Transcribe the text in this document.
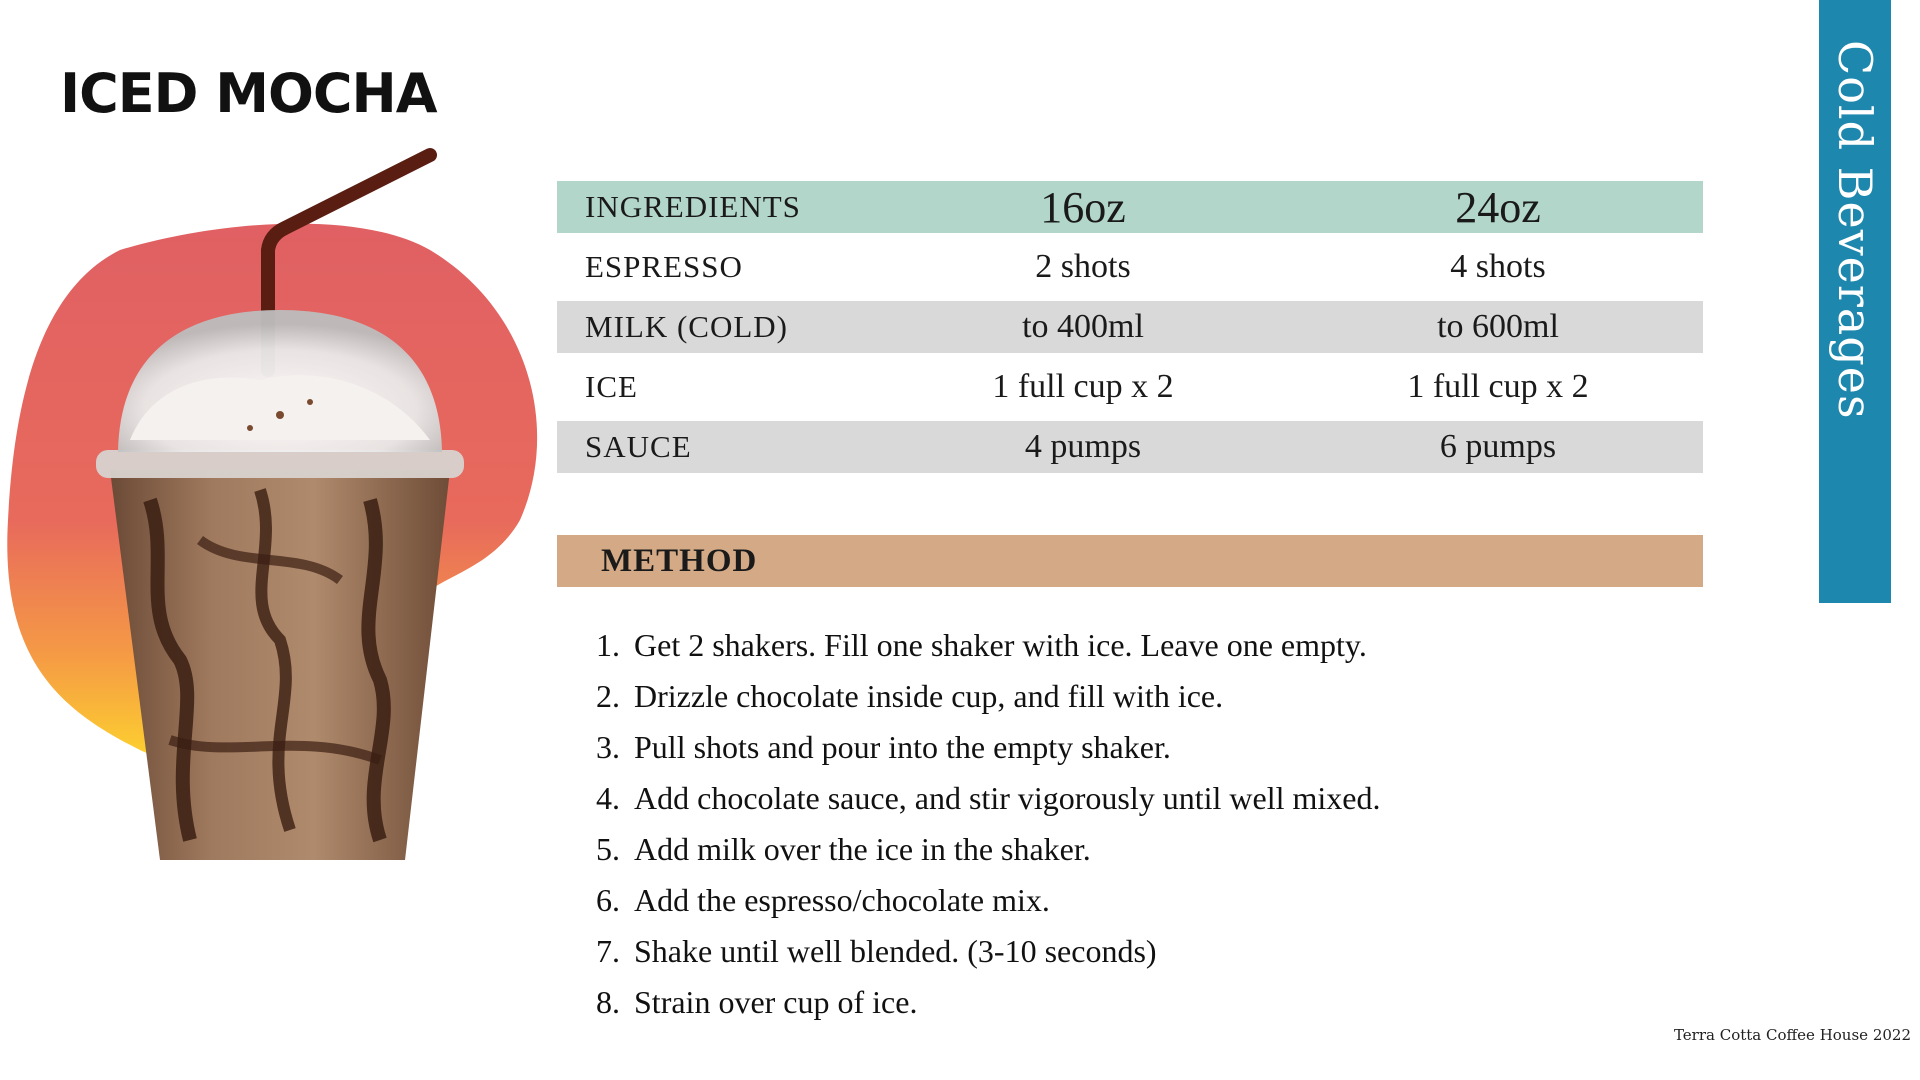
ICED MOCHA	Cold Beverages
INGREDIENTS	16oz	24oz
ESPRESSO	2 shots	4 shots
MILK (COLD)	to 400ml	to 600ml
ICE	1 full cup x 2	1 full cup x 2
SAUCE	4 pumps	6 pumps
METHOD
1. Get 2 shakers. Fill one shaker with ice. Leave one empty.
2. Drizzle chocolate inside cup, and fill with ice.
3. Pull shots and pour into the empty shaker.
4. Add chocolate sauce, and stir vigorously until well mixed.
5. Add milk over the ice in the shaker.
6. Add the espresso/chocolate mix.
7. Shake until well blended. (3-10 seconds)
8. Strain over cup of ice.
Terra Cotta Coffee House 2022
